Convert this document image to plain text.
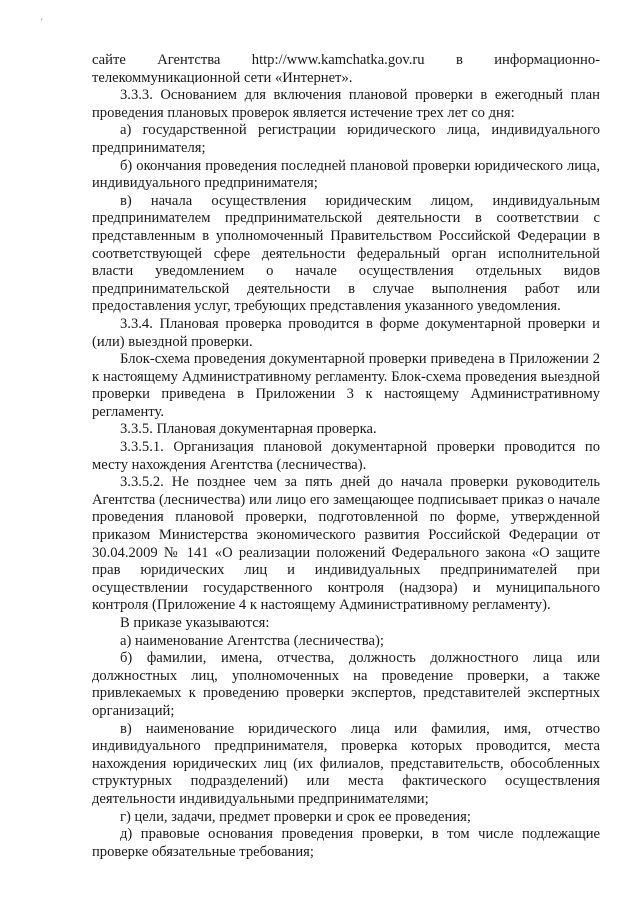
'
сайте Агентства http://www.kamchatka.gov.ru в информационно-

телекоммуникационной сети «Интернет».

3.3.3. Основанием для включения плановой проверки в ежегодный план проведения плановых проверок является истечение трех лет со дня:

а) государственной регистрации юридического лица, индивидуального предпринимателя;

б) окончания проведения последней плановой проверки юридического лица, индивидуального предпринимателя;

в) начала осуществления юридическим лицом, индивидуальным предпринимателем предпринимательской деятельности в соответствии с представленным в уполномоченный Правительством Российской Федерации в соответствующей сфере деятельности федеральный орган исполнительной власти уведомлением о начале осуществления отдельных видов предпринимательской деятельности в случае выполнения работ или предоставления услуг, требующих представления указанного уведомления.

3.3.4. Плановая проверка проводится в форме документарной проверки и (или) выездной проверки.

Блок-схема проведения документарной проверки приведена в Приложении 2 к настоящему Административному регламенту. Блок-схема проведения выездной проверки приведена в Приложении 3 к настоящему Административному регламенту.

3.3.5. Плановая документарная проверка.

3.3.5.1. Организация плановой документарной проверки проводится по месту нахождения Агентства (лесничества).

3.3.5.2. Не позднее чем за пять дней до начала проверки руководитель Агентства (лесничества) или лицо его замещающее подписывает приказ о начале проведения плановой проверки, подготовленной по форме, утвержденной приказом Министерства экономического развития Российской Федерации от 30.04.2009 № 141 «О реализации положений Федерального закона «О защите прав юридических лиц и индивидуальных предпринимателей при осуществлении государственного контроля (надзора) и муниципального контроля (Приложение 4 к настоящему Административному регламенту).

В приказе указываются:

а) наименование Агентства (лесничества);

б) фамилии, имена, отчества, должность должностного лица или должностных лиц, уполномоченных на проведение проверки, а также привлекаемых к проведению проверки экспертов, представителей экспертных организаций;

в) наименование юридического лица или фамилия, имя, отчество индивидуального предпринимателя, проверка которых проводится, места нахождения юридических лиц (их филиалов, представительств, обособленных структурных подразделений) или места фактического осуществления деятельности индивидуальными предпринимателями;

г) цели, задачи, предмет проверки и срок ее проведения;

д) правовые основания проведения проверки, в том числе подлежащие проверке обязательные требования;
